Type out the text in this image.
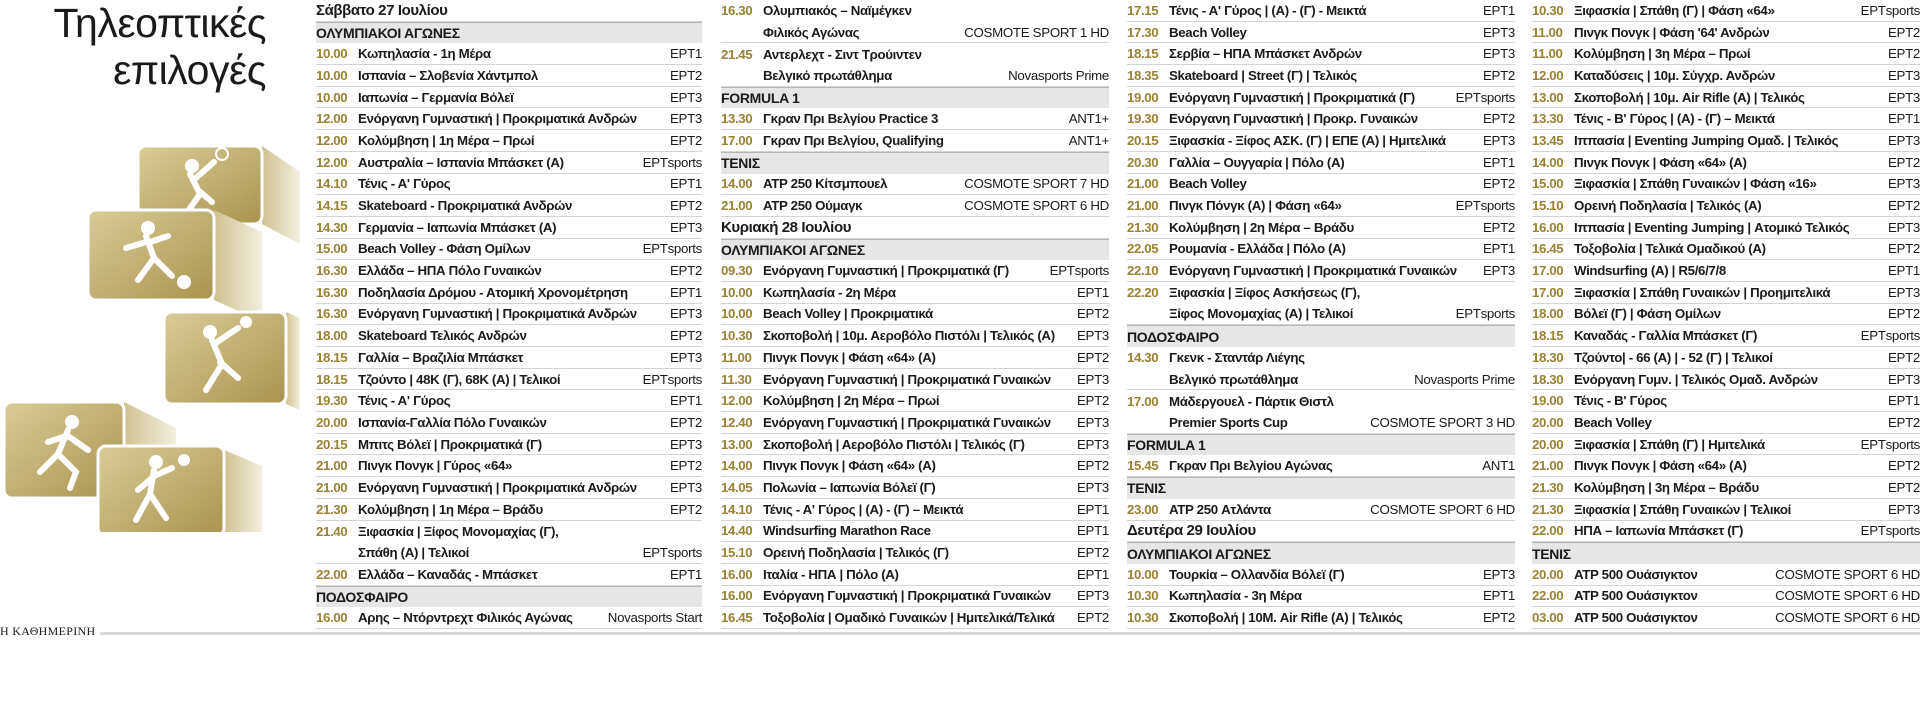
Τηλεοπτικές
επιλογές
Η ΚΑΘΗΜΕΡΙΝΗ
Σάββατο 27 Ιουλίου
ΟΛΥΜΠΙΑΚΟΙ ΑΓΩΝΕΣ
10.00 Κωπηλασία - 1η Μέρα	ΕΡΤ1
10.00 Ισπανία – Σλοβενία Χάντμπολ	ΕΡΤ2
10.00 Ιαπωνία – Γερμανία Βόλεϊ	ΕΡΤ3
12.00 Ενόργανη Γυμναστική | Προκριματικά Ανδρών	ΕΡΤ3
12.00 Κολύμβηση | 1η Μέρα – Πρωί	ΕΡΤ2
12.00 Αυστραλία – Ισπανία Μπάσκετ (Α)	ΕΡΤsports
14.10 Τένις - Α' Γύρος	ΕΡΤ1
14.15 Skateboard - Προκριματικά Ανδρών	ΕΡΤ2
14.30 Γερμανία – Ιαπωνία Μπάσκετ (Α)	ΕΡΤ3
15.00 Beach Volley - Φάση Ομίλων	ΕΡΤsports
16.30 Ελλάδα – ΗΠΑ Πόλο Γυναικών	ΕΡΤ2
16.30 Ποδηλασία Δρόμου - Ατομική Χρονομέτρηση	ΕΡΤ1
16.30 Ενόργανη Γυμναστική | Προκριματικά Ανδρών	ΕΡΤ3
18.00 Skateboard Τελικός Ανδρών	ΕΡΤ2
18.15 Γαλλία – Βραζιλία Μπάσκετ	ΕΡΤ3
18.15 Τζούντο | 48Κ (Γ), 68Κ (Α) | Τελικοί	ΕΡΤsports
19.30 Τένις - Α' Γύρος	ΕΡΤ1
20.00 Ισπανία-Γαλλία Πόλο Γυναικών	ΕΡΤ2
20.15 Μπιτς Βόλεϊ | Προκριματικά (Γ)	ΕΡΤ3
21.00 Πινγκ Πονγκ | Γύρος «64»	ΕΡΤ2
21.00 Ενόργανη Γυμναστική | Προκριματικά Ανδρών	ΕΡΤ3
21.30 Κολύμβηση | 1η Μέρα – Βράδυ	ΕΡΤ2
21.40 Ξιφασκία | Ξίφος Μονομαχίας (Γ),
Σπάθη (Α) | Τελικοί	ΕΡΤsports
22.00 Ελλάδα – Καναδάς - Μπάσκετ	ΕΡΤ1
ΠΟΔΟΣΦΑΙΡΟ
16.00 Αρης – Ντόρντρεχτ Φιλικός Αγώνας	Novasports Start
16.30 Ολυμπιακός – Ναϊμέγκεν
Φιλικός Αγώνας	COSMOTE SPORT 1 HD
21.45 Αντερλεχτ - Σιντ Τρούιντεν
Βελγικό πρωτάθλημα	Novasports Prime
FORMULA 1
13.30 Γκραν Πρι Βελγίου Practice 3	ΑΝΤ1+
17.00 Γκραν Πρι Βελγίου, Qualifying	ΑΝΤ1+
ΤΕΝΙΣ
14.00 ATP 250 Κίτσμπουελ	COSMOTE SPORT 7 HD
21.00 ATP 250 Ούμαγκ	COSMOTE SPORT 6 HD
Κυριακή 28 Ιουλίου
ΟΛΥΜΠΙΑΚΟΙ ΑΓΩΝΕΣ
09.30 Ενόργανη Γυμναστική | Προκριματικά (Γ)	ΕΡΤsports
10.00 Κωπηλασία - 2η Μέρα	ΕΡΤ1
10.00 Beach Volley | Προκριματικά	ΕΡΤ2
10.30 Σκοποβολή | 10μ. Αεροβόλο Πιστόλι | Τελικός (Α)	ΕΡΤ3
11.00 Πινγκ Πονγκ | Φάση «64» (Α)	ΕΡΤ2
11.30 Ενόργανη Γυμναστική | Προκριματικά Γυναικών	ΕΡΤ3
12.00 Κολύμβηση | 2η Μέρα – Πρωί	ΕΡΤ2
12.40 Ενόργανη Γυμναστική | Προκριματικά Γυναικών	ΕΡΤ3
13.00 Σκοποβολή | Αεροβόλο Πιστόλι | Τελικός (Γ)	ΕΡΤ3
14.00 Πινγκ Πονγκ | Φάση «64» (Α)	ΕΡΤ2
14.05 Πολωνία – Ιαπωνία Βόλεϊ (Γ)	ΕΡΤ3
14.10 Τένις - Α' Γύρος | (Α) - (Γ) – Μεικτά	ΕΡΤ1
14.40 Windsurfing Marathon Race	ΕΡΤ1
15.10 Ορεινή Ποδηλασία | Τελικός (Γ)	ΕΡΤ2
16.00 Ιταλία - ΗΠΑ | Πόλο (Α)	ΕΡΤ1
16.00 Ενόργανη Γυμναστική | Προκριματικά Γυναικών	ΕΡΤ3
16.45 Τοξοβολία | Ομαδικό Γυναικών | Ημιτελικά/Τελικά	ΕΡΤ2
17.15 Τένις - Α' Γύρος | (Α) - (Γ) - Μεικτά	ΕΡΤ1
17.30 Beach Volley	ΕΡΤ3
18.15 Σερβία – ΗΠΑ Μπάσκετ Ανδρών	ΕΡΤ3
18.35 Skateboard | Street (Γ) | Τελικός	ΕΡΤ2
19.00 Ενόργανη Γυμναστική | Προκριματικά (Γ)	ΕΡΤsports
19.30 Ενόργανη Γυμναστική | Προκρ. Γυναικών	ΕΡΤ2
20.15 Ξιφασκία - Ξίφος ΑΣΚ. (Γ) | ΕΠΕ (Α) | Ημιτελικά	ΕΡΤ3
20.30 Γαλλία – Ουγγαρία | Πόλο (Α)	ΕΡΤ1
21.00 Beach Volley	ΕΡΤ2
21.00 Πινγκ Πόνγκ (Α) | Φάση «64»	ΕΡΤsports
21.30 Κολύμβηση | 2η Μέρα – Βράδυ	ΕΡΤ2
22.05 Ρουμανία - Ελλάδα | Πόλο (Α)	ΕΡΤ1
22.10 Ενόργανη Γυμναστική | Προκριματικά Γυναικών	ΕΡΤ3
22.20 Ξιφασκία | Ξίφος Ασκήσεως (Γ),
Ξίφος Μονομαχίας (Α) | Τελικοί	ΕΡΤsports
ΠΟΔΟΣΦΑΙΡΟ
14.30 Γκενκ - Σταντάρ Λιέγης
Βελγικό πρωτάθλημα	Novasports Prime
17.00 Μάδεργουελ - Πάρτικ Θιστλ
Premier Sports Cup	COSMOTE SPORT 3 HD
FORMULA 1
15.45 Γκραν Πρι Βελγίου Αγώνας	ΑΝΤ1
ΤΕΝΙΣ
23.00 ATP 250 Ατλάντα	COSMOTE SPORT 6 HD
Δευτέρα 29 Ιουλίου
ΟΛΥΜΠΙΑΚΟΙ ΑΓΩΝΕΣ
10.00 Τουρκία – Ολλανδία Βόλεϊ (Γ)	ΕΡΤ3
10.30 Κωπηλασία - 3η Μέρα	ΕΡΤ1
10.30 Σκοποβολή | 10Μ. Air Rifle (Α) | Τελικός	ΕΡΤ2
10.30 Ξιφασκία | Σπάθη (Γ) | Φάση «64»	ΕΡΤsports
11.00 Πινγκ Πονγκ | Φάση '64' Ανδρών	ΕΡΤ2
11.00 Κολύμβηση | 3η Μέρα – Πρωί	ΕΡΤ2
12.00 Καταδύσεις | 10μ. Σύγχρ. Ανδρών	ΕΡΤ3
13.00 Σκοποβολή | 10μ. Air Rifle (Α) | Τελικός	ΕΡΤ3
13.30 Τένις - Β' Γύρος | (Α) - (Γ) – Μεικτά	ΕΡΤ1
13.45 Ιππασία | Eventing Jumping Ομαδ. | Τελικός	ΕΡΤ3
14.00 Πινγκ Πονγκ | Φάση «64» (Α)	ΕΡΤ2
15.00 Ξιφασκία | Σπάθη Γυναικών | Φάση «16»	ΕΡΤ3
15.10 Ορεινή Ποδηλασία | Τελικός (Α)	ΕΡΤ2
16.00 Ιππασία | Eventing Jumping | Ατομικό Τελικός	ΕΡΤ3
16.45 Τοξοβολία | Τελικά Ομαδικού (Α)	ΕΡΤ2
17.00 Windsurfing (Α) | R5/6/7/8	ΕΡΤ1
17.00 Ξιφασκία | Σπάθη Γυναικών | Προημιτελικά	ΕΡΤ3
18.00 Βόλεϊ (Γ) | Φάση Ομίλων	ΕΡΤ2
18.15 Καναδάς - Γαλλία Μπάσκετ (Γ)	ΕΡΤsports
18.30 Τζούντο| - 66 (Α) | - 52 (Γ) | Τελικοί	ΕΡΤ2
18.30 Ενόργανη Γυμν. | Τελικός Ομαδ. Ανδρών	ΕΡΤ3
19.00 Τένις - Β' Γύρος	ΕΡΤ1
20.00 Beach Volley	ΕΡΤ2
20.00 Ξιφασκία | Σπάθη (Γ) | Ημιτελικά	ΕΡΤsports
21.00 Πινγκ Πονγκ | Φάση «64» (Α)	ΕΡΤ2
21.30 Κολύμβηση | 3η Μέρα – Βράδυ	ΕΡΤ2
21.30 Ξιφασκία | Σπάθη Γυναικών | Τελικοί	ΕΡΤ3
22.00 ΗΠΑ – Ιαπωνία Μπάσκετ (Γ)	ΕΡΤsports
ΤΕΝΙΣ
20.00 ATP 500 Ουάσιγκτον	COSMOTE SPORT 6 HD
22.00 ATP 500 Ουάσιγκτον	COSMOTE SPORT 6 HD
03.00 ATP 500 Ουάσιγκτον	COSMOTE SPORT 6 HD
